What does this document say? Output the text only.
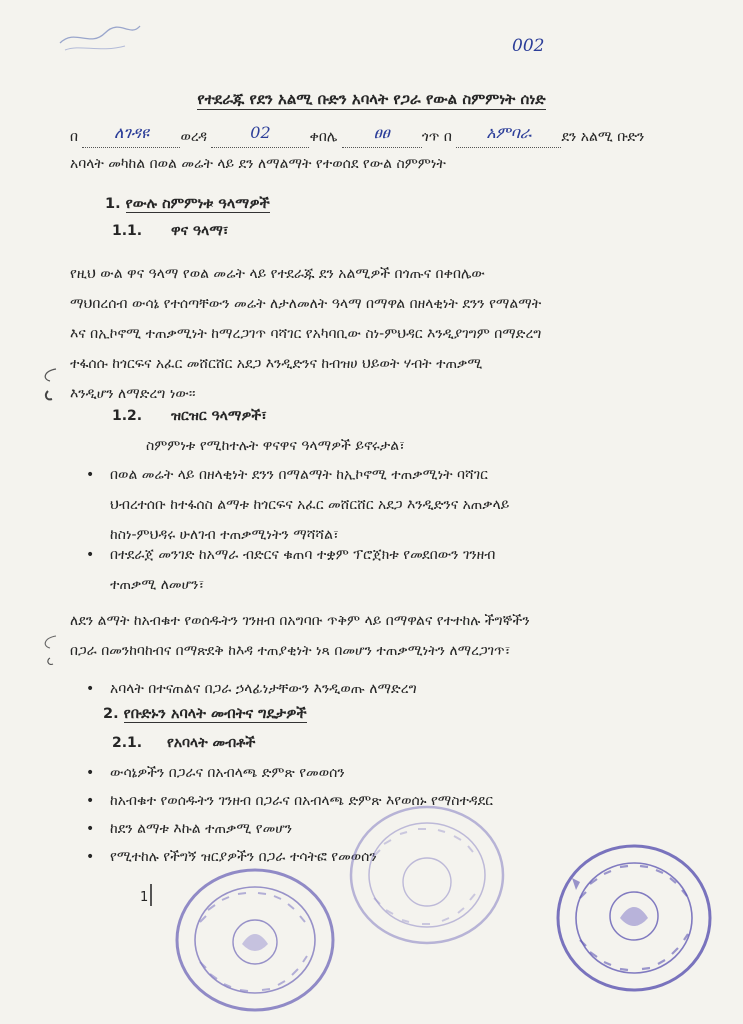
002
የተደራጁ የደን አልሚ ቡድን አባላት የጋራ የውል ስምምነት ሰነድ
በ ለገዳዩ ወረዳ	02	ቀበሌ ፀፀ ጎጥ በ አምባራ ደን አልሚ ቡድን
አባላት መካከል በወል መሬት ላይ ደን ለማልማት የተወሰደ የውል ስምምነት
1. የውሉ ስምምነቱ ዓላማዎች
1.1. ዋና ዓላማ፣
የዚህ ውል ዋና ዓላማ የወል መሬት ላይ የተደራጁ ደን አልሚዎች በጎጡና በቀበሌው
ማህበረሰብ ውሳኔ የተሰጣቸውን መሬት ለታለመለት ዓላማ በማዋል በዘላቂነት ደንን የማልማት
እና በኢኮኖሚ ተጠቃሚነት ከማረጋገጥ ባሻገር የአካባቢው ስነ-ምህዳር እንዲያገግም በማድረግ
ተፋሰሱ ከጎርፍና አፈር መሸርሸር አደጋ እንዲድንና ከብዝሀ ህይወት ሃብት ተጠቃሚ
እንዲሆን ለማድረግ ነው፡፡
1.2. ዝርዝር ዓላማዎች፣
ስምምነቱ የሚከተሉት ዋናዋና ዓላማዎች ይኖሩታል፣
• በወል መሬት ላይ በዘላቂነት ደንን በማልማት ከኢኮኖሚ ተጠቃሚነት ባሻገር
ህብረተሰቡ ከተፋሰስ ልማቱ ከጎርፍና አፈር መሸርሸር አደጋ እንዲድንና አጠቃላይ
ከስነ-ምህዳሩ ሁለገብ ተጠቃሚነትን ማሻሻል፣
• በተደራጀ መንገድ ከአማራ ብድርና ቁጠባ ተቋም ፕሮጀክቱ የመደበውን ገንዘብ
ተጠቃሚ ለመሆን፣
ለደን ልማት ከአብቁተ የወሰዱትን ገንዘብ በአግባቡ ጥቅም ላይ በማዋልና የተተከሉ ችግኞችን
በጋራ በመንከባከብና በማጽደቅ ከእዳ ተጠያቂነት ነጻ በመሆን ተጠቃሚነትን ለማረጋገጥ፣
• አባላት በተናጠልና በጋራ ኃላፊነታቸውን እንዲወጡ ለማድረግ
2. የቡድኑን አባላት መብትና ግዴታዎች
2.1. የአባላት መብቶች
• ውሳኔዎችን በጋራና በአብላጫ ድምጽ የመወሰን
• ከአብቁተ የወሰዱትን ገንዘብ በጋራና በአብላጫ ድምጽ እየወሰኑ የማስተዳደር
• ከደን ልማቱ እኩል ተጠቃሚ የመሆን
• የሚተከሉ የችግኝ ዝርያዎችን በጋራ ተሳትፎ የመወሰን
1
